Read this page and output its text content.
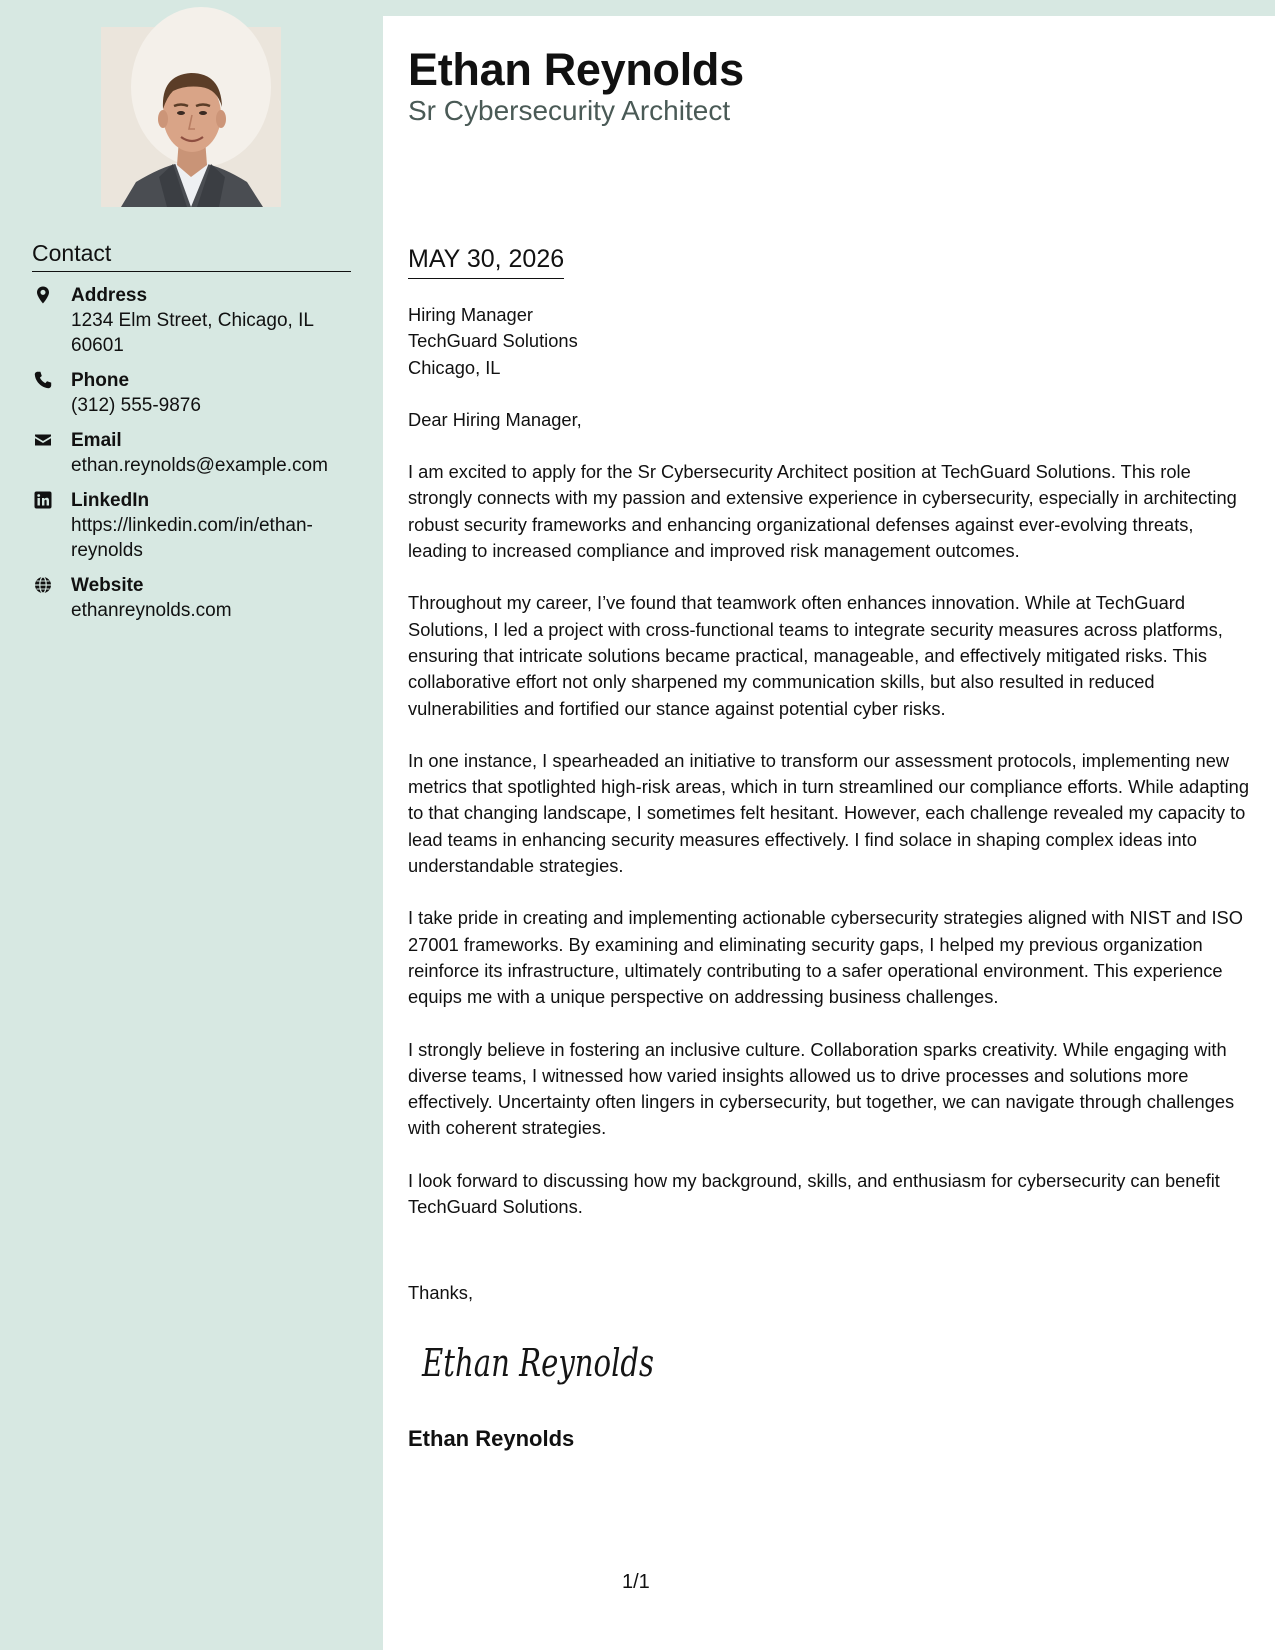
Contact
Address
1234 Elm Street, Chicago, IL 60601
Phone
(312) 555-9876
Email
ethan.reynolds@example.com
LinkedIn
https://linkedin.com/in/ethan-reynolds
Website
ethanreynolds.com
Ethan Reynolds
Sr Cybersecurity Architect
MAY 30, 2026
Hiring Manager
TechGuard Solutions
Chicago, IL

Dear Hiring Manager,

I am excited to apply for the Sr Cybersecurity Architect position at TechGuard Solutions. This role strongly connects with my passion and extensive experience in cybersecurity, especially in architecting robust security frameworks and enhancing organizational defenses against ever-evolving threats, leading to increased compliance and improved risk management outcomes.

Throughout my career, I’ve found that teamwork often enhances innovation. While at TechGuard Solutions, I led a project with cross-functional teams to integrate security measures across platforms, ensuring that intricate solutions became practical, manageable, and effectively mitigated risks. This collaborative effort not only sharpened my communication skills, but also resulted in reduced vulnerabilities and fortified our stance against potential cyber risks.

In one instance, I spearheaded an initiative to transform our assessment protocols, implementing new metrics that spotlighted high-risk areas, which in turn streamlined our compliance efforts. While adapting to that changing landscape, I sometimes felt hesitant. However, each challenge revealed my capacity to lead teams in enhancing security measures effectively. I find solace in shaping complex ideas into understandable strategies.

I take pride in creating and implementing actionable cybersecurity strategies aligned with NIST and ISO 27001 frameworks. By examining and eliminating security gaps, I helped my previous organization reinforce its infrastructure, ultimately contributing to a safer operational environment. This experience equips me with a unique perspective on addressing business challenges.

I strongly believe in fostering an inclusive culture. Collaboration sparks creativity. While engaging with diverse teams, I witnessed how varied insights allowed us to drive processes and solutions more effectively. Uncertainty often lingers in cybersecurity, but together, we can navigate through challenges with coherent strategies.

I look forward to discussing how my background, skills, and enthusiasm for cybersecurity can benefit TechGuard Solutions.

Thanks,
Ethan Reynolds
Ethan Reynolds
1/1
